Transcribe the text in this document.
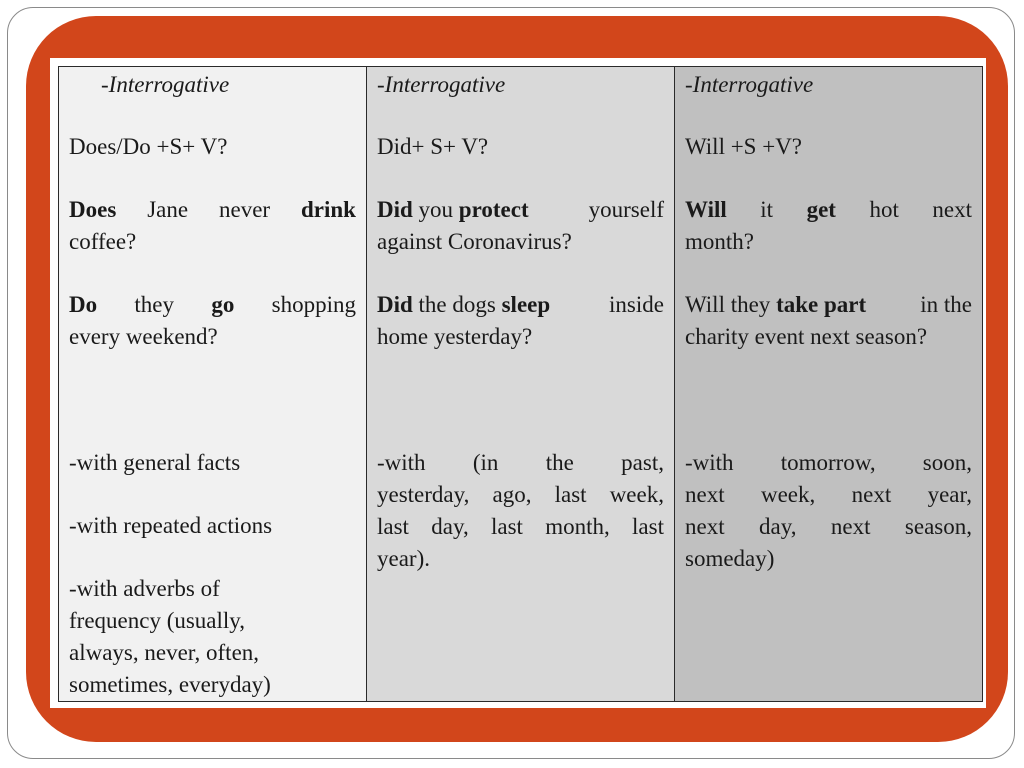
-Interrogative
Does/Do +S+ V?
Does Jane never drink
coffee?
Do they go shopping
every weekend?
-with general facts
-with repeated actions
-with adverbs of
frequency (usually,
always, never, often,
sometimes, everyday)

-Interrogative
Did+ S+ V?
Did you protect	yourself
against Coronavirus?
Did the dogs sleep	inside
home yesterday?
-with (in the past,
yesterday, ago, last week,
last day, last month, last
year).

-Interrogative
Will +S +V?
Will it get hot next
month?
Will they take part in the
charity event next season?
-with tomorrow, soon,
next week, next year,
next day, next season,
someday)
